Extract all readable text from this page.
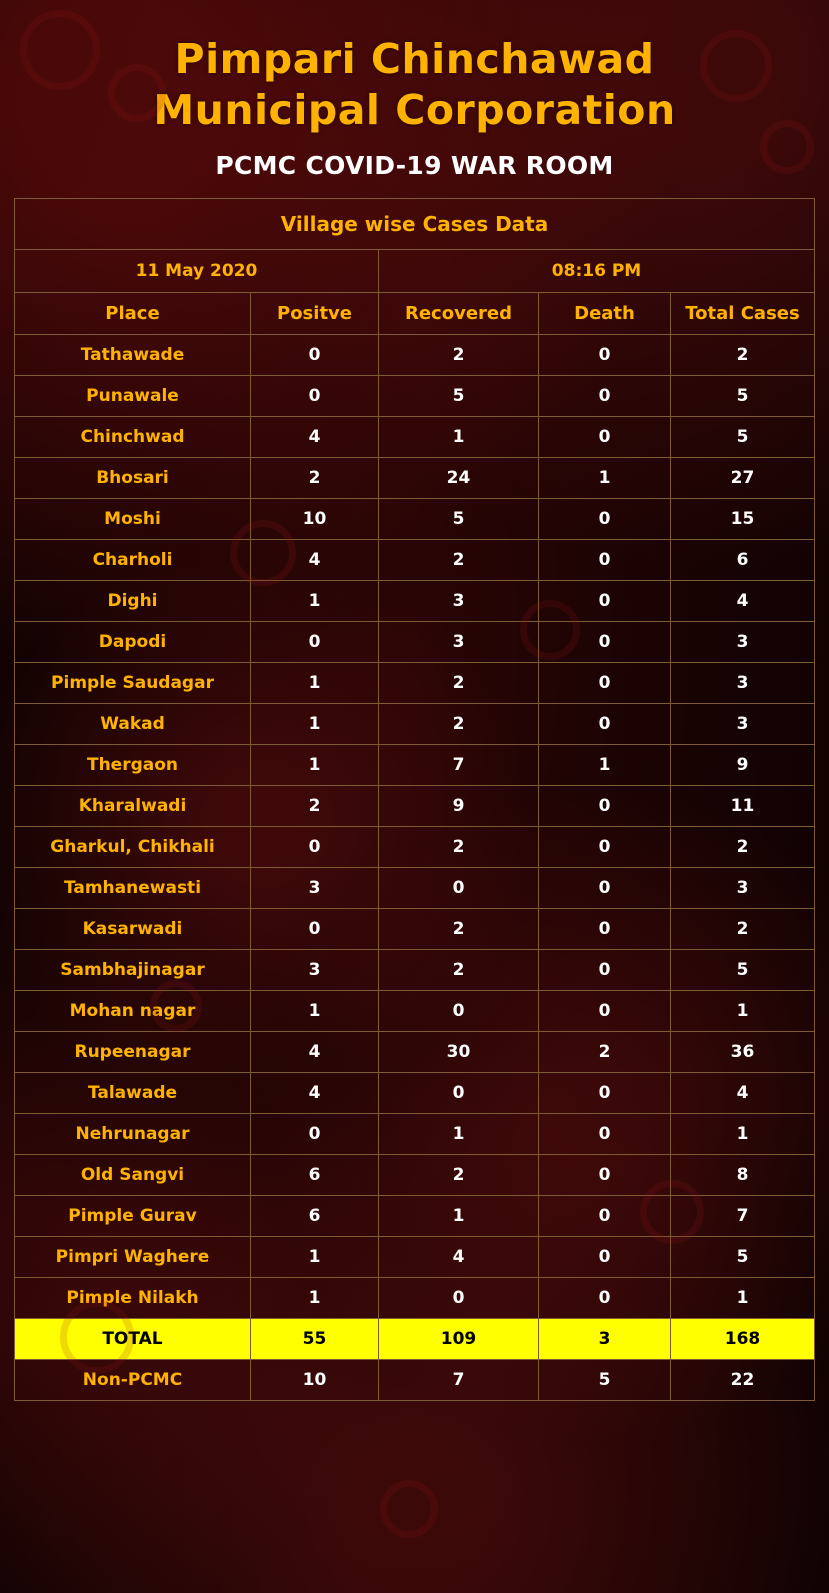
Pimpari Chinchawad Municipal Corporation
PCMC COVID-19 WAR ROOM
Village wise Cases Data				
11 May 2020		08:16 PM		
Place	Positve	Recovered	Death	Total Cases
Tathawade	0	2	0	2
Punawale	0	5	0	5
Chinchwad	4	1	0	5
Bhosari	2	24	1	27
Moshi	10	5	0	15
Charholi	4	2	0	6
Dighi	1	3	0	4
Dapodi	0	3	0	3
Pimple Saudagar	1	2	0	3
Wakad	1	2	0	3
Thergaon	1	7	1	9
Kharalwadi	2	9	0	11
Gharkul, Chikhali	0	2	0	2
Tamhanewasti	3	0	0	3
Kasarwadi	0	2	0	2
Sambhajinagar	3	2	0	5
Mohan nagar	1	0	0	1
Rupeenagar	4	30	2	36
Talawade	4	0	0	4
Nehrunagar	0	1	0	1
Old Sangvi	6	2	0	8
Pimple Gurav	6	1	0	7
Pimpri Waghere	1	4	0	5
Pimple Nilakh	1	0	0	1
TOTAL	55	109	3	168
Non-PCMC	10	7	5	22
